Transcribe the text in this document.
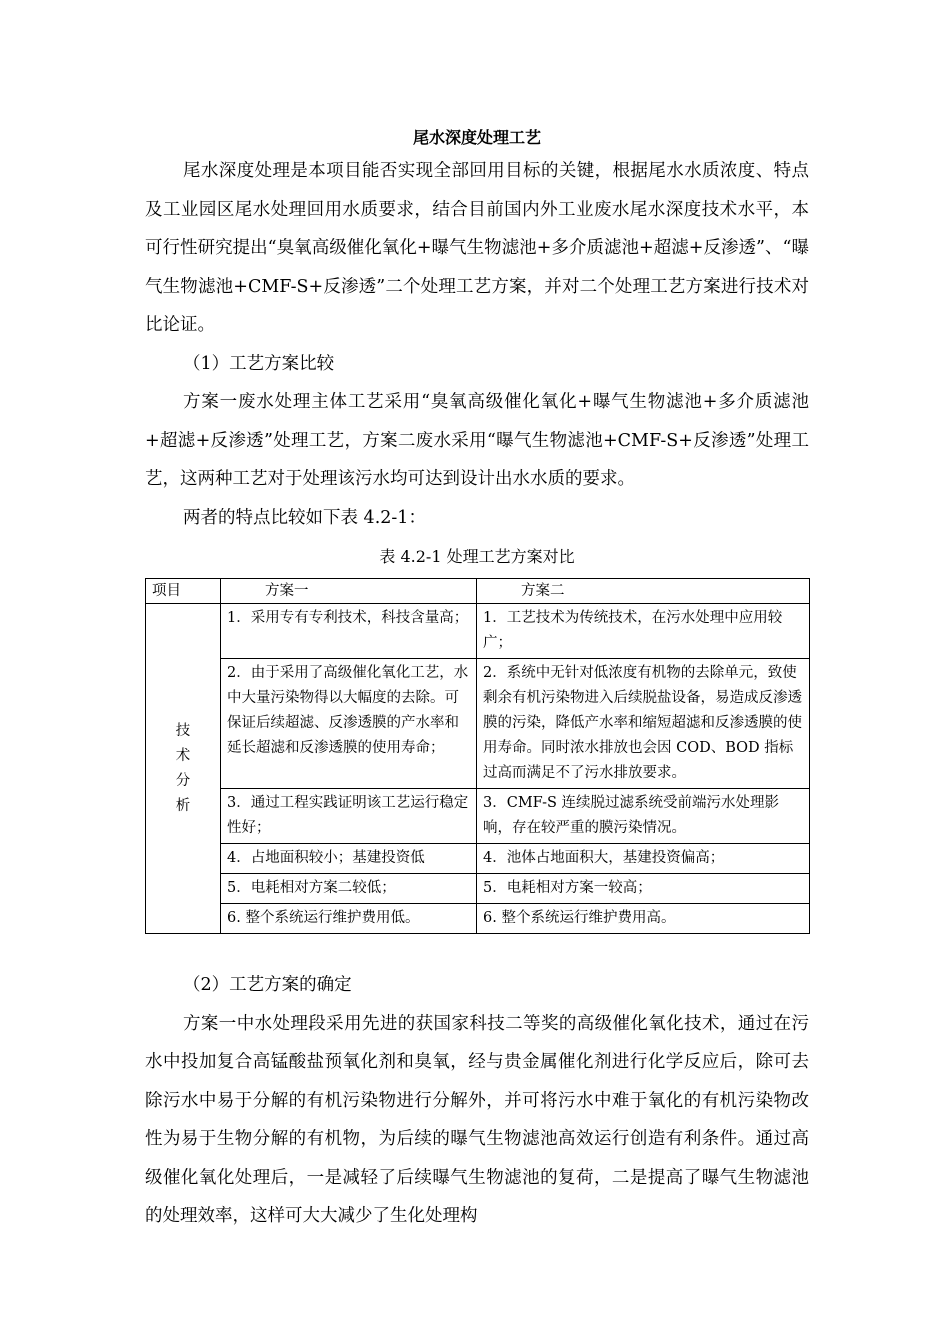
尾水深度处理工艺

尾水深度处理是本项目能否实现全部回用目标的关键，根据尾水水质浓度、特点及工业园区尾水处理回用水质要求，结合目前国内外工业废水尾水深度技术水平，本可行性研究提出“臭氧高级催化氧化+曝气生物滤池+多介质滤池+超滤+反渗透”、“曝气生物滤池+CMF-S+反渗透”二个处理工艺方案，并对二个处理工艺方案进行技术对比论证。

（1）工艺方案比较

方案一废水处理主体工艺采用“臭氧高级催化氧化+曝气生物滤池+多介质滤池+超滤+反渗透”处理工艺，方案二废水采用“曝气生物滤池+CMF-S+反渗透”处理工艺，这两种工艺对于处理该污水均可达到设计出水水质的要求。

两者的特点比较如下表 4.2-1：

表 4.2-1 处理工艺方案对比
项目	方案一	方案二
技术分析	1．采用专有专利技术，科技含量高；	1．工艺技术为传统技术，在污水处理中应用较广；
	2．由于采用了高级催化氧化工艺，水中大量污染物得以大幅度的去除。可保证后续超滤、反渗透膜的产水率和延长超滤和反渗透膜的使用寿命；	2．系统中无针对低浓度有机物的去除单元，致使剩余有机污染物进入后续脱盐设备，易造成反渗透膜的污染，降低产水率和缩短超滤和反渗透膜的使用寿命。同时浓水排放也会因 COD、BOD 指标过高而满足不了污水排放要求。
	3．通过工程实践证明该工艺运行稳定性好；	3．CMF-S 连续脱过滤系统受前端污水处理影响，存在较严重的膜污染情况。
	4．占地面积较小；基建投资低	4．池体占地面积大，基建投资偏高；
	5．电耗相对方案二较低；	5．电耗相对方案一较高；
	6. 整个系统运行维护费用低。	6. 整个系统运行维护费用高。

（2）工艺方案的确定

方案一中水处理段采用先进的获国家科技二等奖的高级催化氧化技术，通过在污水中投加复合高锰酸盐预氧化剂和臭氧，经与贵金属催化剂进行化学反应后，除可去除污水中易于分解的有机污染物进行分解外，并可将污水中难于氧化的有机污染物改性为易于生物分解的有机物，为后续的曝气生物滤池高效运行创造有利条件。通过高级催化氧化处理后，一是减轻了后续曝气生物滤池的复荷，二是提高了曝气生物滤池的处理效率，这样可大大减少了生化处理构
